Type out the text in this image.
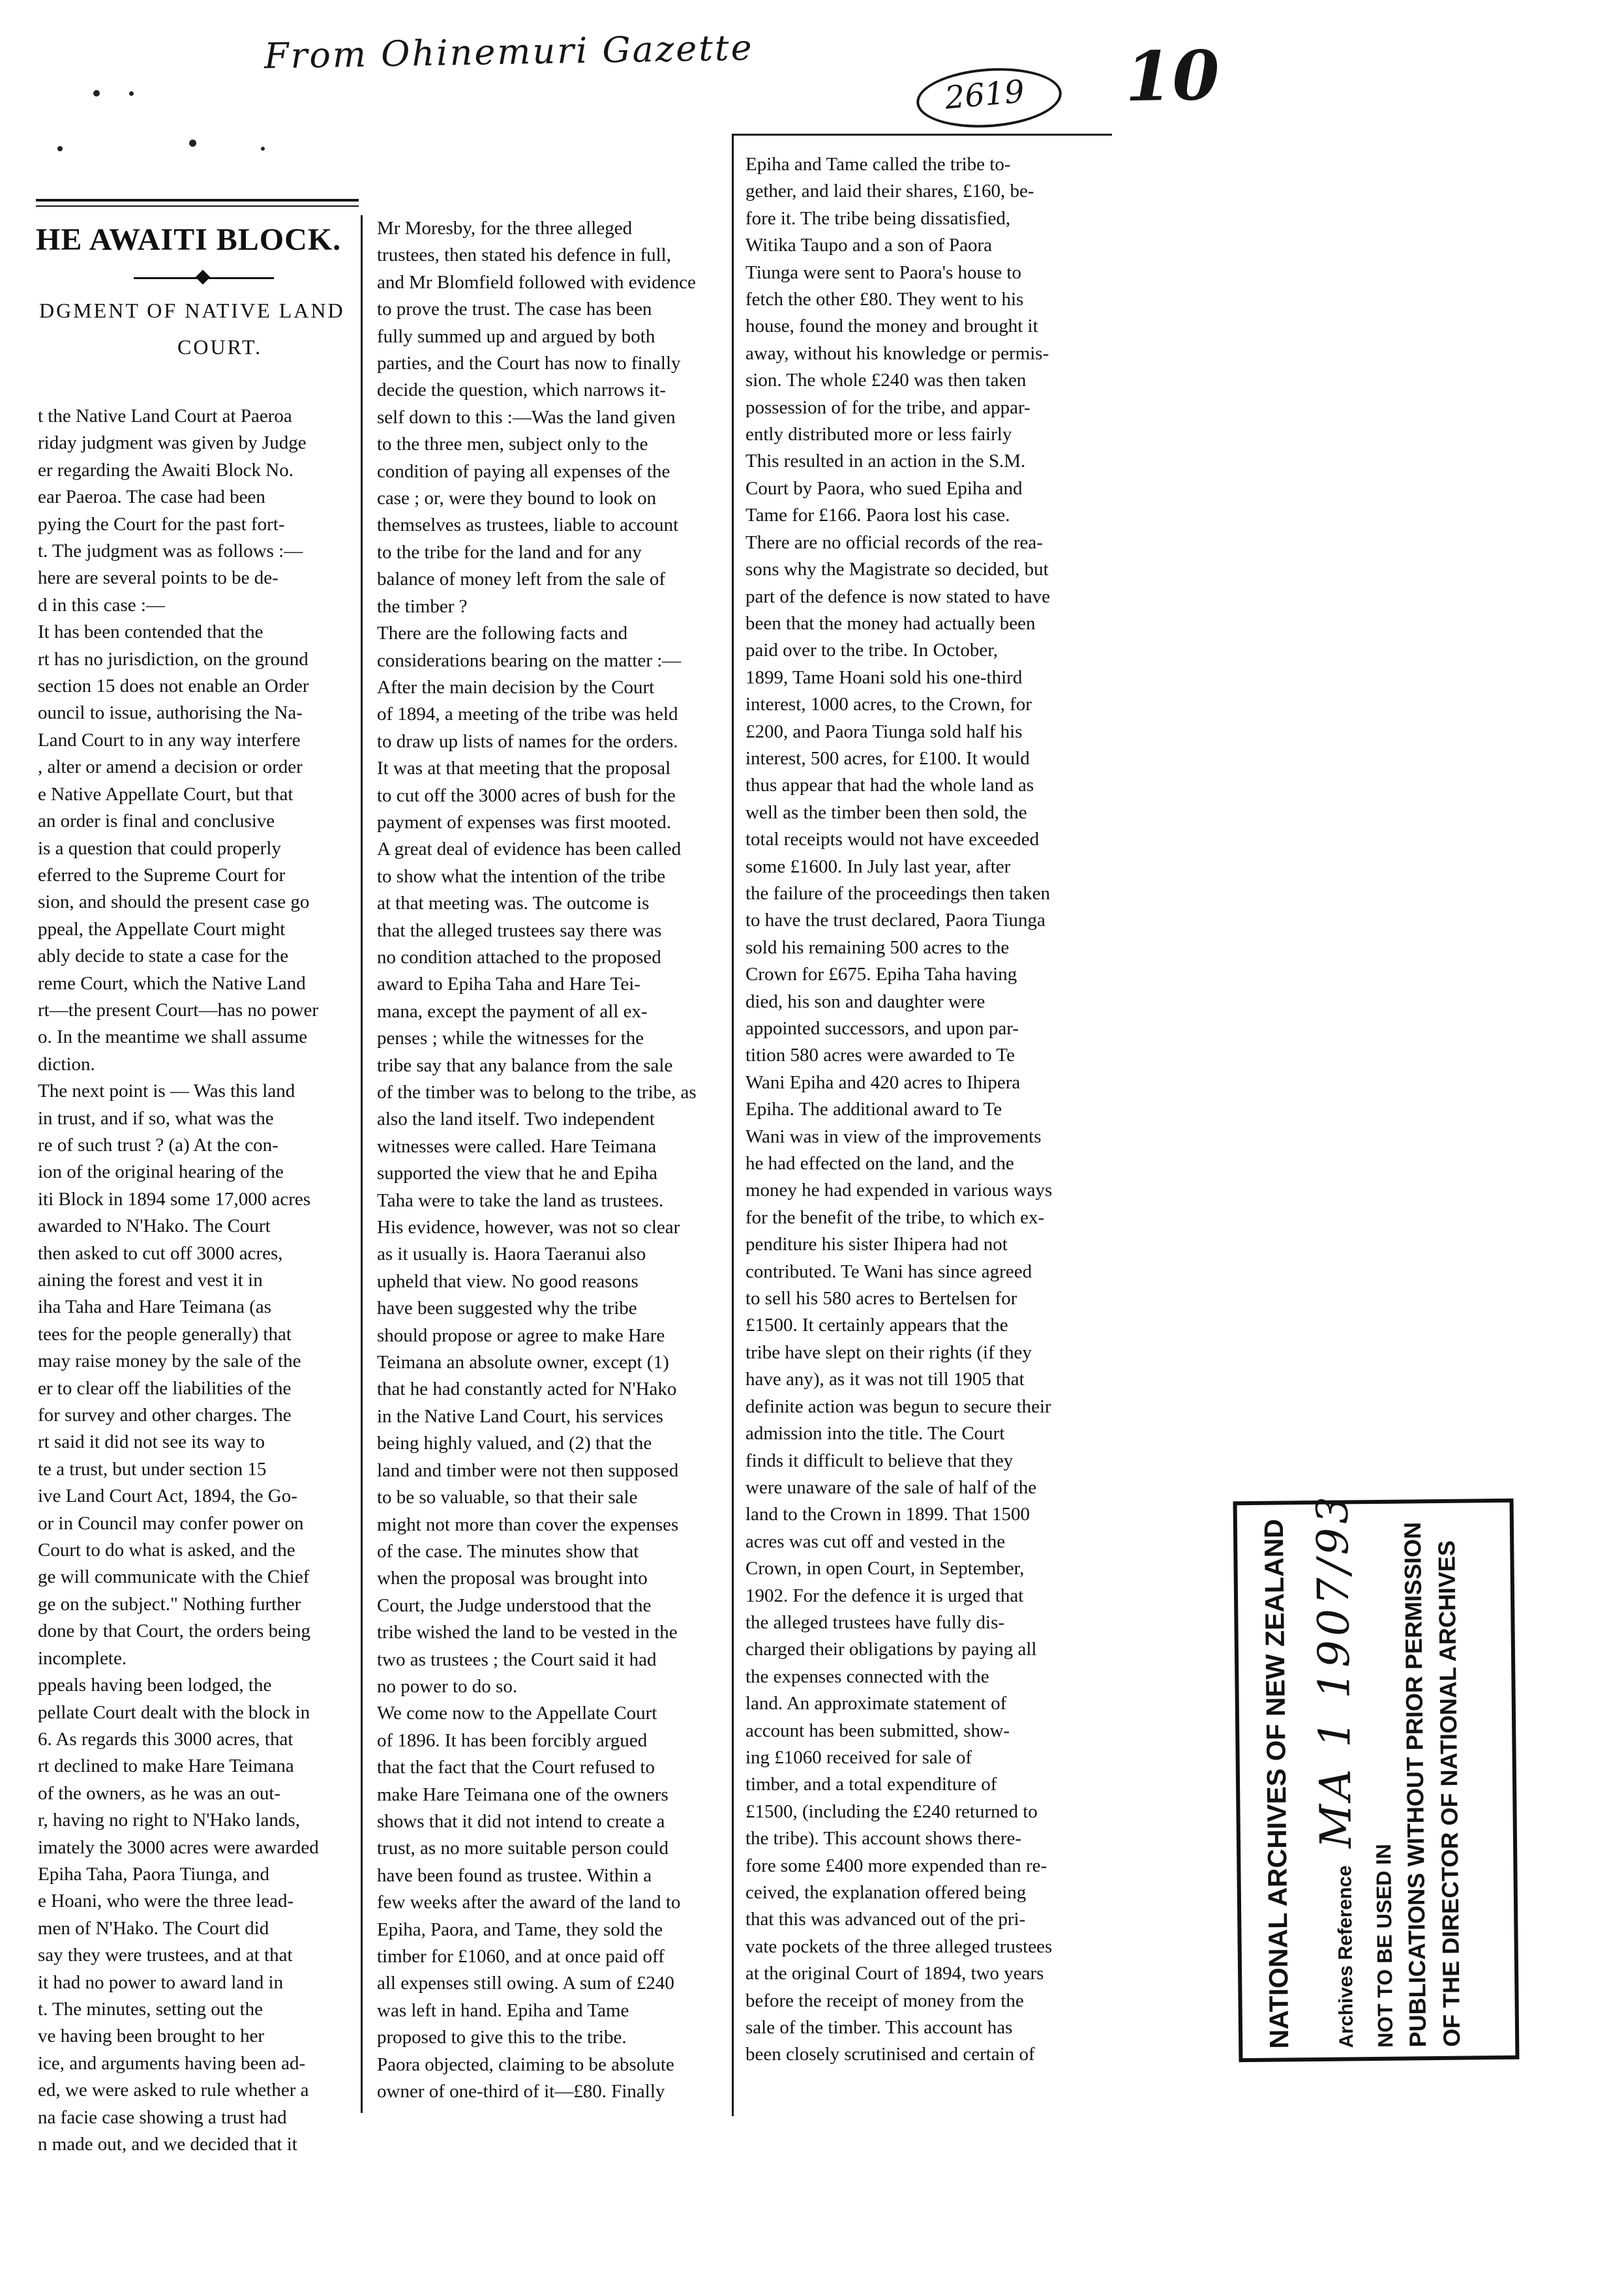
From Ohinemuri Gazette
2619 10
HE AWAITI BLOCK.
DGMENT OF NATIVE LAND
COURT.

t the Native Land Court at Paeroa

riday judgment was given by Judge

er regarding the Awaiti Block No.

ear Paeroa. The case had been

pying the Court for the past fort-

t. The judgment was as follows :—

here are several points to be de-

d in this case :—

It has been contended that the

rt has no jurisdiction, on the ground

section 15 does not enable an Order

ouncil to issue, authorising the Na-

Land Court to in any way interfere

, alter or amend a decision or order

e Native Appellate Court, but that

an order is final and conclusive

is a question that could properly

eferred to the Supreme Court for

sion, and should the present case go

ppeal, the Appellate Court might

ably decide to state a case for the

reme Court, which the Native Land

rt—the present Court—has no power

o. In the meantime we shall assume

diction.

The next point is — Was this land

in trust, and if so, what was the

re of such trust ? (a) At the con-

ion of the original hearing of the

iti Block in 1894 some 17,000 acres

awarded to N'Hako. The Court

then asked to cut off 3000 acres,

aining the forest and vest it in

iha Taha and Hare Teimana (as

tees for the people generally) that

may raise money by the sale of the

er to clear off the liabilities of the

for survey and other charges. The

rt said it did not see its way to

te a trust, but under section 15

ive Land Court Act, 1894, the Go-

or in Council may confer power on

Court to do what is asked, and the

ge will communicate with the Chief

ge on the subject." Nothing further

done by that Court, the orders being

incomplete.

ppeals having been lodged, the

pellate Court dealt with the block in

6. As regards this 3000 acres, that

rt declined to make Hare Teimana

of the owners, as he was an out-

r, having no right to N'Hako lands,

imately the 3000 acres were awarded

Epiha Taha, Paora Tiunga, and

e Hoani, who were the three lead-

men of N'Hako. The Court did

say they were trustees, and at that

it had no power to award land in

t. The minutes, setting out the

ve having been brought to her

ice, and arguments having been ad-

ed, we were asked to rule whether a

na facie case showing a trust had

n made out, and we decided that it

Mr Moresby, for the three alleged

trustees, then stated his defence in full,

and Mr Blomfield followed with evidence

to prove the trust. The case has been

fully summed up and argued by both

parties, and the Court has now to finally

decide the question, which narrows it-

self down to this :—Was the land given

to the three men, subject only to the

condition of paying all expenses of the

case ; or, were they bound to look on

themselves as trustees, liable to account

to the tribe for the land and for any

balance of money left from the sale of

the timber ?

There are the following facts and

considerations bearing on the matter :—

After the main decision by the Court

of 1894, a meeting of the tribe was held

to draw up lists of names for the orders.

It was at that meeting that the proposal

to cut off the 3000 acres of bush for the

payment of expenses was first mooted.

A great deal of evidence has been called

to show what the intention of the tribe

at that meeting was. The outcome is

that the alleged trustees say there was

no condition attached to the proposed

award to Epiha Taha and Hare Tei-

mana, except the payment of all ex-

penses ; while the witnesses for the

tribe say that any balance from the sale

of the timber was to belong to the tribe, as

also the land itself. Two independent

witnesses were called. Hare Teimana

supported the view that he and Epiha

Taha were to take the land as trustees.

His evidence, however, was not so clear

as it usually is. Haora Taeranui also

upheld that view. No good reasons

have been suggested why the tribe

should propose or agree to make Hare

Teimana an absolute owner, except (1)

that he had constantly acted for N'Hako

in the Native Land Court, his services

being highly valued, and (2) that the

land and timber were not then supposed

to be so valuable, so that their sale

might not more than cover the expenses

of the case. The minutes show that

when the proposal was brought into

Court, the Judge understood that the

tribe wished the land to be vested in the

two as trustees ; the Court said it had

no power to do so.

We come now to the Appellate Court

of 1896. It has been forcibly argued

that the fact that the Court refused to

make Hare Teimana one of the owners

shows that it did not intend to create a

trust, as no more suitable person could

have been found as trustee. Within a

few weeks after the award of the land to

Epiha, Paora, and Tame, they sold the

timber for £1060, and at once paid off

all expenses still owing. A sum of £240

was left in hand. Epiha and Tame

proposed to give this to the tribe.

Paora objected, claiming to be absolute

owner of one-third of it—£80. Finally

Epiha and Tame called the tribe to-

gether, and laid their shares, £160, be-

fore it. The tribe being dissatisfied,

Witika Taupo and a son of Paora

Tiunga were sent to Paora's house to

fetch the other £80. They went to his

house, found the money and brought it

away, without his knowledge or permis-

sion. The whole £240 was then taken

possession of for the tribe, and appar-

ently distributed more or less fairly

This resulted in an action in the S.M.

Court by Paora, who sued Epiha and

Tame for £166. Paora lost his case.

There are no official records of the rea-

sons why the Magistrate so decided, but

part of the defence is now stated to have

been that the money had actually been

paid over to the tribe. In October,

1899, Tame Hoani sold his one-third

interest, 1000 acres, to the Crown, for

£200, and Paora Tiunga sold half his

interest, 500 acres, for £100. It would

thus appear that had the whole land as

well as the timber been then sold, the

total receipts would not have exceeded

some £1600. In July last year, after

the failure of the proceedings then taken

to have the trust declared, Paora Tiunga

sold his remaining 500 acres to the

Crown for £675. Epiha Taha having

died, his son and daughter were

appointed successors, and upon par-

tition 580 acres were awarded to Te

Wani Epiha and 420 acres to Ihipera

Epiha. The additional award to Te

Wani was in view of the improvements

he had effected on the land, and the

money he had expended in various ways

for the benefit of the tribe, to which ex-

penditure his sister Ihipera had not

contributed. Te Wani has since agreed

to sell his 580 acres to Bertelsen for

£1500. It certainly appears that the

tribe have slept on their rights (if they

have any), as it was not till 1905 that

definite action was begun to secure their

admission into the title. The Court

finds it difficult to believe that they

were unaware of the sale of half of the

land to the Crown in 1899. That 1500

acres was cut off and vested in the

Crown, in open Court, in September,

1902. For the defence it is urged that

the alleged trustees have fully dis-

charged their obligations by paying all

the expenses connected with the

land. An approximate statement of

account has been submitted, show-

ing £1060 received for sale of

timber, and a total expenditure of

£1500, (including the £240 returned to

the tribe). This account shows there-

fore some £400 more expended than re-

ceived, the explanation offered being

that this was advanced out of the pri-

vate pockets of the three alleged trustees

at the original Court of 1894, two years

before the receipt of money from the

sale of the timber. This account has

been closely scrutinised and certain of

NATIONAL ARCHIVES OF NEW ZEALAND	Archives Reference MA 1 1907/93
NOT TO BE USED IN PUBLICATIONS WITHOUT PRIOR PERMISSION OF THE DIRECTOR OF NATIONAL ARCHIVES
